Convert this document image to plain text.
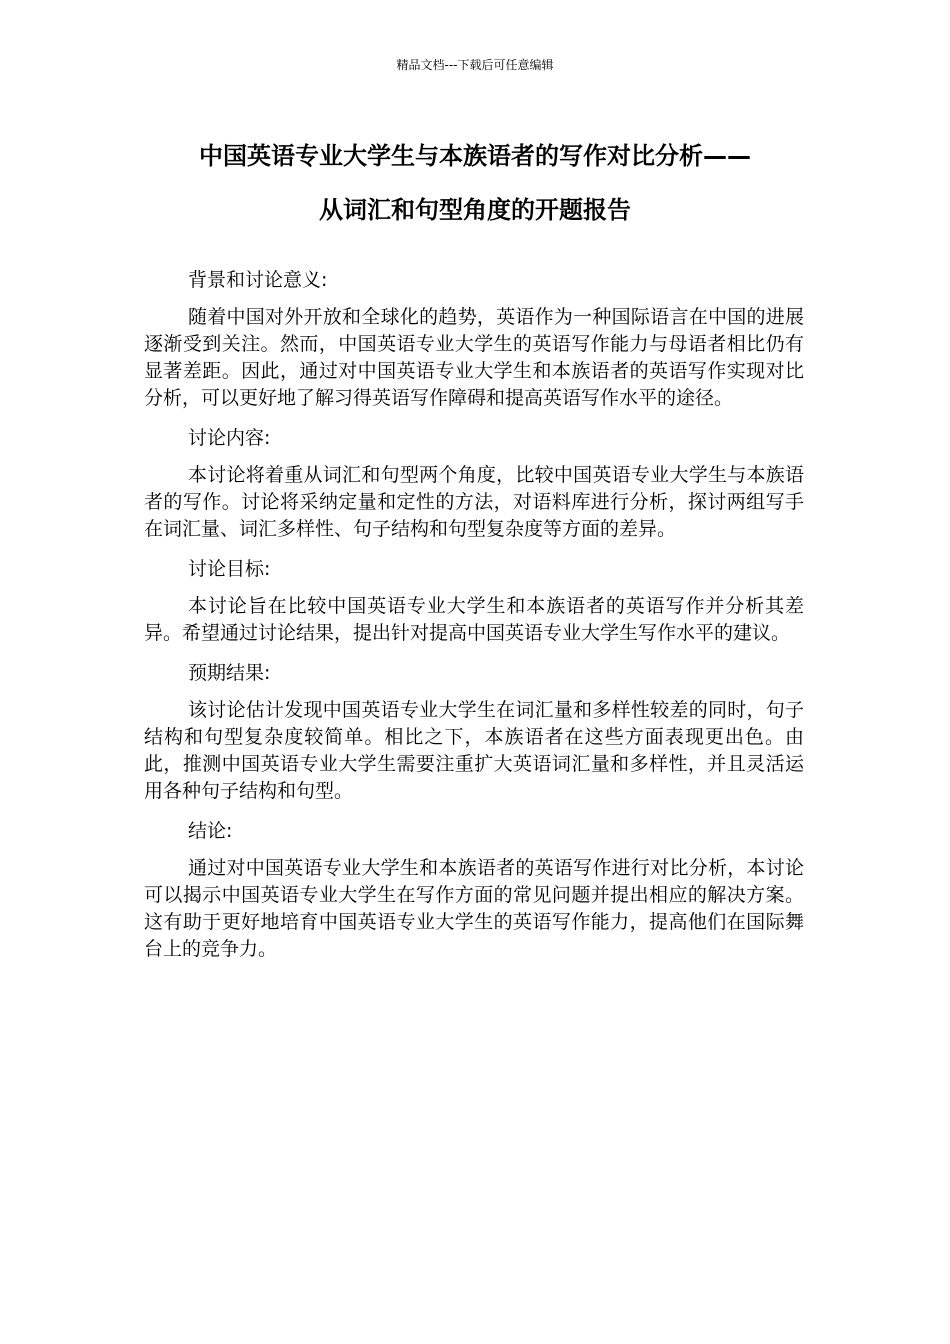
精品文档---下载后可任意编辑
中国英语专业大学生与本族语者的写作对比分析——
从词汇和句型角度的开题报告

背景和讨论意义:

随着中国对外开放和全球化的趋势，英语作为一种国际语言在中国的进展逐渐受到关注。然而，中国英语专业大学生的英语写作能力与母语者相比仍有显著差距。因此，通过对中国英语专业大学生和本族语者的英语写作实现对比分析，可以更好地了解习得英语写作障碍和提高英语写作水平的途径。

讨论内容:

本讨论将着重从词汇和句型两个角度，比较中国英语专业大学生与本族语者的写作。讨论将采纳定量和定性的方法，对语料库进行分析，探讨两组写手在词汇量、词汇多样性、句子结构和句型复杂度等方面的差异。

讨论目标:

本讨论旨在比较中国英语专业大学生和本族语者的英语写作并分析其差异。希望通过讨论结果，提出针对提高中国英语专业大学生写作水平的建议。

预期结果:

该讨论估计发现中国英语专业大学生在词汇量和多样性较差的同时，句子结构和句型复杂度较简单。相比之下，本族语者在这些方面表现更出色。由此，推测中国英语专业大学生需要注重扩大英语词汇量和多样性，并且灵活运用各种句子结构和句型。

结论:

通过对中国英语专业大学生和本族语者的英语写作进行对比分析，本讨论可以揭示中国英语专业大学生在写作方面的常见问题并提出相应的解决方案。这有助于更好地培育中国英语专业大学生的英语写作能力，提高他们在国际舞台上的竞争力。
